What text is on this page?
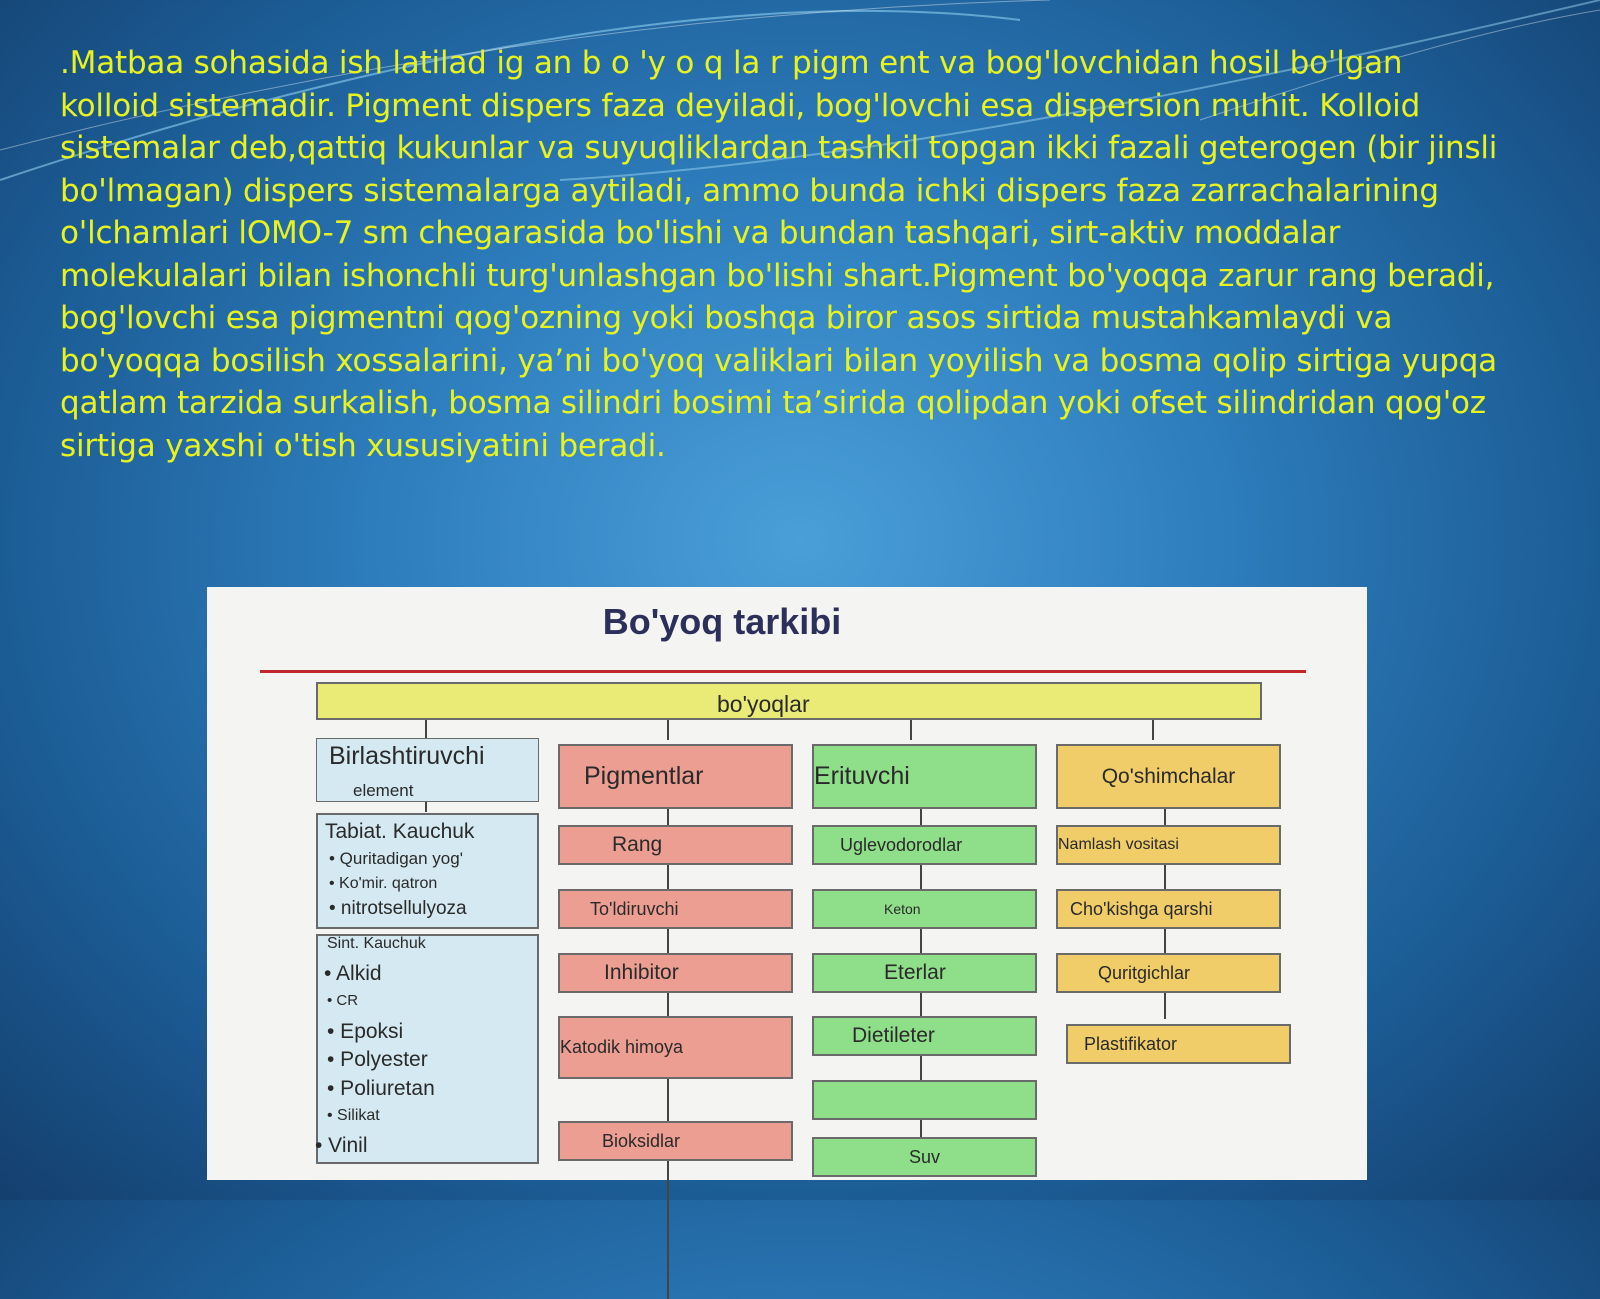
.Matbaa sohasida ish latilad ig an b o 'y o q la r pigm ent va bog'lovchidan hosil bo'lgan kolloid sistemadir. Pigment dispers faza deyiladi, bog'lovchi esa dispersion muhit. Kolloid sistemalar deb,qattiq kukunlar va suyuqliklardan tashkil topgan ikki fazali geterogen (bir jinsli bo'lmagan) dispers sistemalarga aytiladi, ammo bunda ichki dispers faza zarrachalarining o'lchamlari lOMO-7 sm chegarasida bo'lishi va bundan tashqari, sirt-aktiv moddalar molekulalari bilan ishonchli turg'unlashgan bo'lishi shart.Pigment bo'yoqqa zarur rang beradi, bog'lovchi esa pigmentni qog'ozning yoki boshqa biror asos sirtida mustahkamlaydi va bo'yoqqa bosilish xossalarini, ya’ni bo'yoq valiklari bilan yoyilish va bosma qolip sirtiga yupqa qatlam tarzida surkalish, bosma silindri bosimi ta’sirida qolipdan yoki ofset silindridan qog'oz sirtiga yaxshi o'tish xususiyatini beradi.

Bo'yoq tarkibi
bo'yoqlar
Birlashtiruvchi
element
Tabiat. Kauchuk
• Quritadigan yog'
• Ko'mir. qatron
• nitrotsellulyoza
Sint. Kauchuk
• Alkid
• CR
• Epoksi
• Polyester
• Poliuretan
• Silikat
• Vinil
Pigmentlar
Rang
To'ldiruvchi
Inhibitor
Katodik himoya
Bioksidlar
Erituvchi
Uglevodorodlar
Keton
Eterlar
Dietileter
Suv
Qo'shimchalar
Namlash vositasi
Cho'kishga qarshi
Quritgichlar
Plastifikator
